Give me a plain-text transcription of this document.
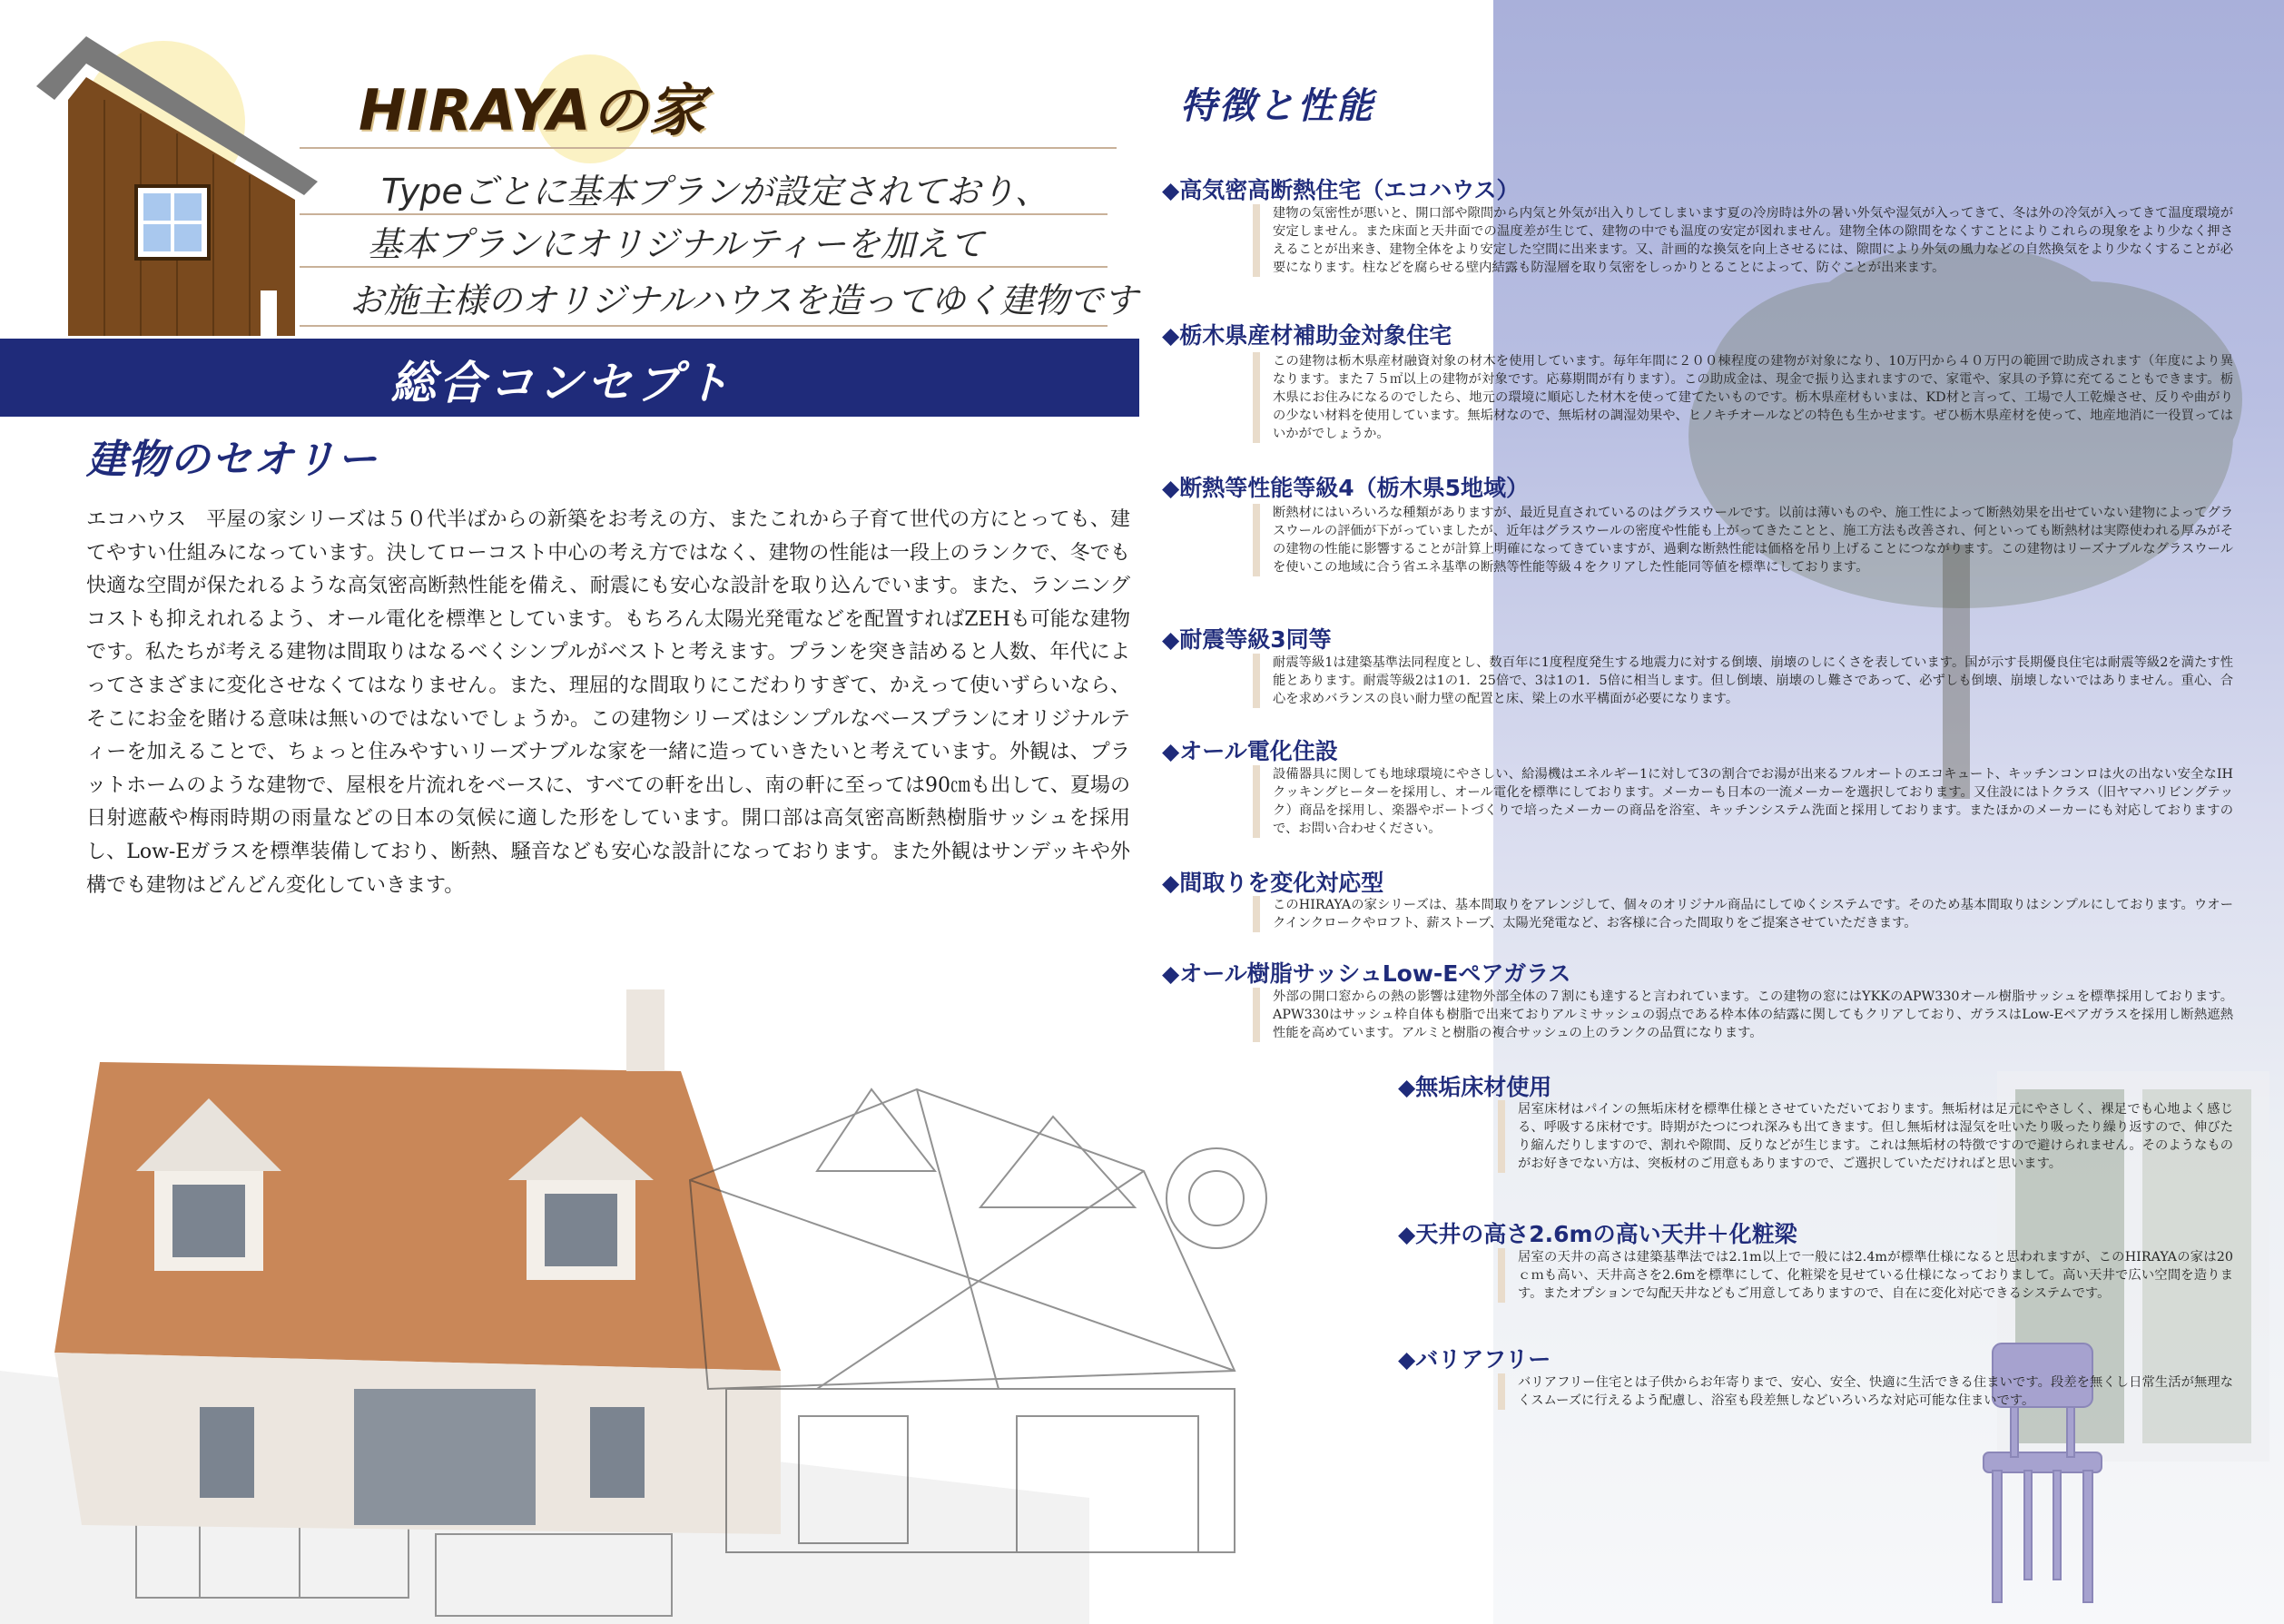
HIRAYAの家
Typeごとに基本プランが設定されており、
基本プランにオリジナルティーを加えて
お施主様のオリジナルハウスを造ってゆく建物です
総合コンセプト
建物のセオリー
エコハウス　平屋の家シリーズは５０代半ばからの新築をお考えの方、またこれから子育て世代の方にとっても、建てやすい仕組みになっています。決してローコスト中心の考え方ではなく、建物の性能は一段上のランクで、冬でも快適な空間が保たれるような高気密高断熱性能を備え、耐震にも安心な設計を取り込んでいます。また、ランニングコストも抑えれれるよう、オール電化を標準としています。もちろん太陽光発電などを配置すればZEHも可能な建物です。私たちが考える建物は間取りはなるべくシンプルがベストと考えます。プランを突き詰めると人数、年代によってさまざまに変化させなくてはなりません。また、理屈的な間取りにこだわりすぎて、かえって使いずらいなら、そこにお金を賭ける意味は無いのではないでしょうか。この建物シリーズはシンプルなベースプランにオリジナルティーを加えることで、ちょっと住みやすいリーズナブルな家を一緒に造っていきたいと考えています。外観は、プラットホームのような建物で、屋根を片流れをベースに、すべての軒を出し、南の軒に至っては90㎝も出して、夏場の日射遮蔽や梅雨時期の雨量などの日本の気候に適した形をしています。開口部は高気密高断熱樹脂サッシュを採用し、Low-Eガラスを標準装備しており、断熱、騒音なども安心な設計になっております。また外観はサンデッキや外構でも建物はどんどん変化していきます。
特徴と性能
◆高気密高断熱住宅（エコハウス）
建物の気密性が悪いと、開口部や隙間から内気と外気が出入りしてしまいます夏の冷房時は外の暑い外気や湿気が入ってきて、冬は外の冷気が入ってきて温度環境が安定しません。また床面と天井面での温度差が生じて、建物の中でも温度の安定が図れません。建物全体の隙間をなくすことによりこれらの現象をより少なく押さえることが出来き、建物全体をより安定した空間に出来ます。又、計画的な換気を向上させるには、隙間により外気の風力などの自然換気をより少なくすることが必要になります。柱などを腐らせる壁内結露も防湿層を取り気密をしっかりとることによって、防ぐことが出来ます。
◆栃木県産材補助金対象住宅
この建物は栃木県産材融資対象の材木を使用しています。毎年年間に２００棟程度の建物が対象になり、10万円から４０万円の範囲で助成されます（年度により異なります。また７５㎡以上の建物が対象です。応募期間が有ります）。この助成金は、現金で振り込まれますので、家電や、家具の予算に充てることもできます。栃木県にお住みになるのでしたら、地元の環境に順応した材木を使って建てたいものです。栃木県産材もいまは、KD材と言って、工場で人工乾燥させ、反りや曲がりの少ない材料を使用しています。無垢材なので、無垢材の調湿効果や、ヒノキチオールなどの特色も生かせます。ぜひ栃木県産材を使って、地産地消に一役買ってはいかがでしょうか。
◆断熱等性能等級4（栃木県5地域）
断熱材にはいろいろな種類がありますが、最近見直されているのはグラスウールです。以前は薄いものや、施工性によって断熱効果を出せていない建物によってグラスウールの評価が下がっていましたが、近年はグラスウールの密度や性能も上がってきたことと、施工方法も改善され、何といっても断熱材は実際使われる厚みがその建物の性能に影響することが計算上明確になってきていますが、過剰な断熱性能は価格を吊り上げることにつながります。この建物はリーズナブルなグラスウールを使いこの地域に合う省エネ基準の断熱等性能等級４をクリアした性能同等値を標準にしております。
◆耐震等級3同等
耐震等級1は建築基準法同程度とし、数百年に1度程度発生する地震力に対する倒壊、崩壊のしにくさを表しています。国が示す長期優良住宅は耐震等級2を満たす性能とあります。耐震等級2は1の1．25倍で、3は1の1．5倍に相当します。但し倒壊、崩壊のし難さであって、必ずしも倒壊、崩壊しないではありません。重心、合心を求めバランスの良い耐力壁の配置と床、梁上の水平構面が必要になります。
◆オール電化住設
設備器具に関しても地球環境にやさしい、給湯機はエネルギー1に対して3の割合でお湯が出来るフルオートのエコキュート、キッチンコンロは火の出ない安全なIHクッキングヒーターを採用し、オール電化を標準にしております。メーカーも日本の一流メーカーを選択しております。又住設にはトクラス（旧ヤマハリビングテック）商品を採用し、楽器やボートづくりで培ったメーカーの商品を浴室、キッチンシステム洗面と採用しております。またほかのメーカーにも対応しておりますので、お問い合わせください。
◆間取りを変化対応型
このHIRAYAの家シリーズは、基本間取りをアレンジして、個々のオリジナル商品にしてゆくシステムです。そのため基本間取りはシンプルにしております。ウオークインクロークやロフト、薪ストーブ、太陽光発電など、お客様に合った間取りをご提案させていただきます。
◆オール樹脂サッシュLow-Eペアガラス
外部の開口窓からの熱の影響は建物外部全体の７割にも達すると言われています。この建物の窓にはYKKのAPW330オール樹脂サッシュを標準採用しております。APW330はサッシュ枠自体も樹脂で出来ておりアルミサッシュの弱点である枠本体の結露に関してもクリアしており、ガラスはLow-Eペアガラスを採用し断熱遮熱性能を高めています。アルミと樹脂の複合サッシュの上のランクの品質になります。
◆無垢床材使用
居室床材はパインの無垢床材を標準仕様とさせていただいております。無垢材は足元にやさしく、裸足でも心地よく感じる、呼吸する床材です。時期がたつにつれ深みも出てきます。但し無垢材は湿気を吐いたり吸ったり繰り返すので、伸びたり縮んだりしますので、割れや隙間、反りなどが生じます。これは無垢材の特徴ですので避けられません。そのようなものがお好きでない方は、突板材のご用意もありますので、ご選択していただければと思います。
◆天井の高さ2.6mの高い天井＋化粧梁
居室の天井の高さは建築基準法では2.1m以上で一般には2.4mが標準仕様になると思われますが、このHIRAYAの家は20ｃｍも高い、天井高さを2.6mを標準にして、化粧梁を見せている仕様になっておりまして。高い天井で広い空間を造ります。またオプションで勾配天井などもご用意してありますので、自在に変化対応できるシステムです。
◆バリアフリー
バリアフリー住宅とは子供からお年寄りまで、安心、安全、快適に生活できる住まいです。段差を無くし日常生活が無理なくスムーズに行えるよう配慮し、浴室も段差無しなどいろいろな対応可能な住まいです。
